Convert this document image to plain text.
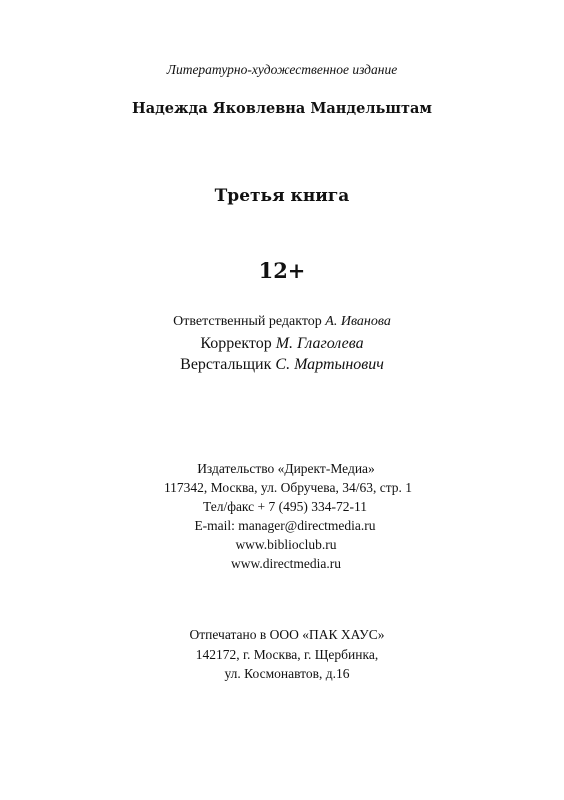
Литературно-художественное издание
Надежда Яковлевна Мандельштам
Третья книга
12+
Ответственный редактор А. Иванова
Корректор М. Глаголева
Верстальщик С. Мартынович
Издательство «Директ-Медиа»
117342, Москва, ул. Обручева, 34/63, стр. 1
Тел/факс + 7 (495) 334-72-11
E-mail: manager@directmedia.ru
www.biblioclub.ru
www.directmedia.ru
Отпечатано в ООО «ПАК ХАУС»
142172, г. Москва, г. Щербинка,
ул. Космонавтов, д.16
